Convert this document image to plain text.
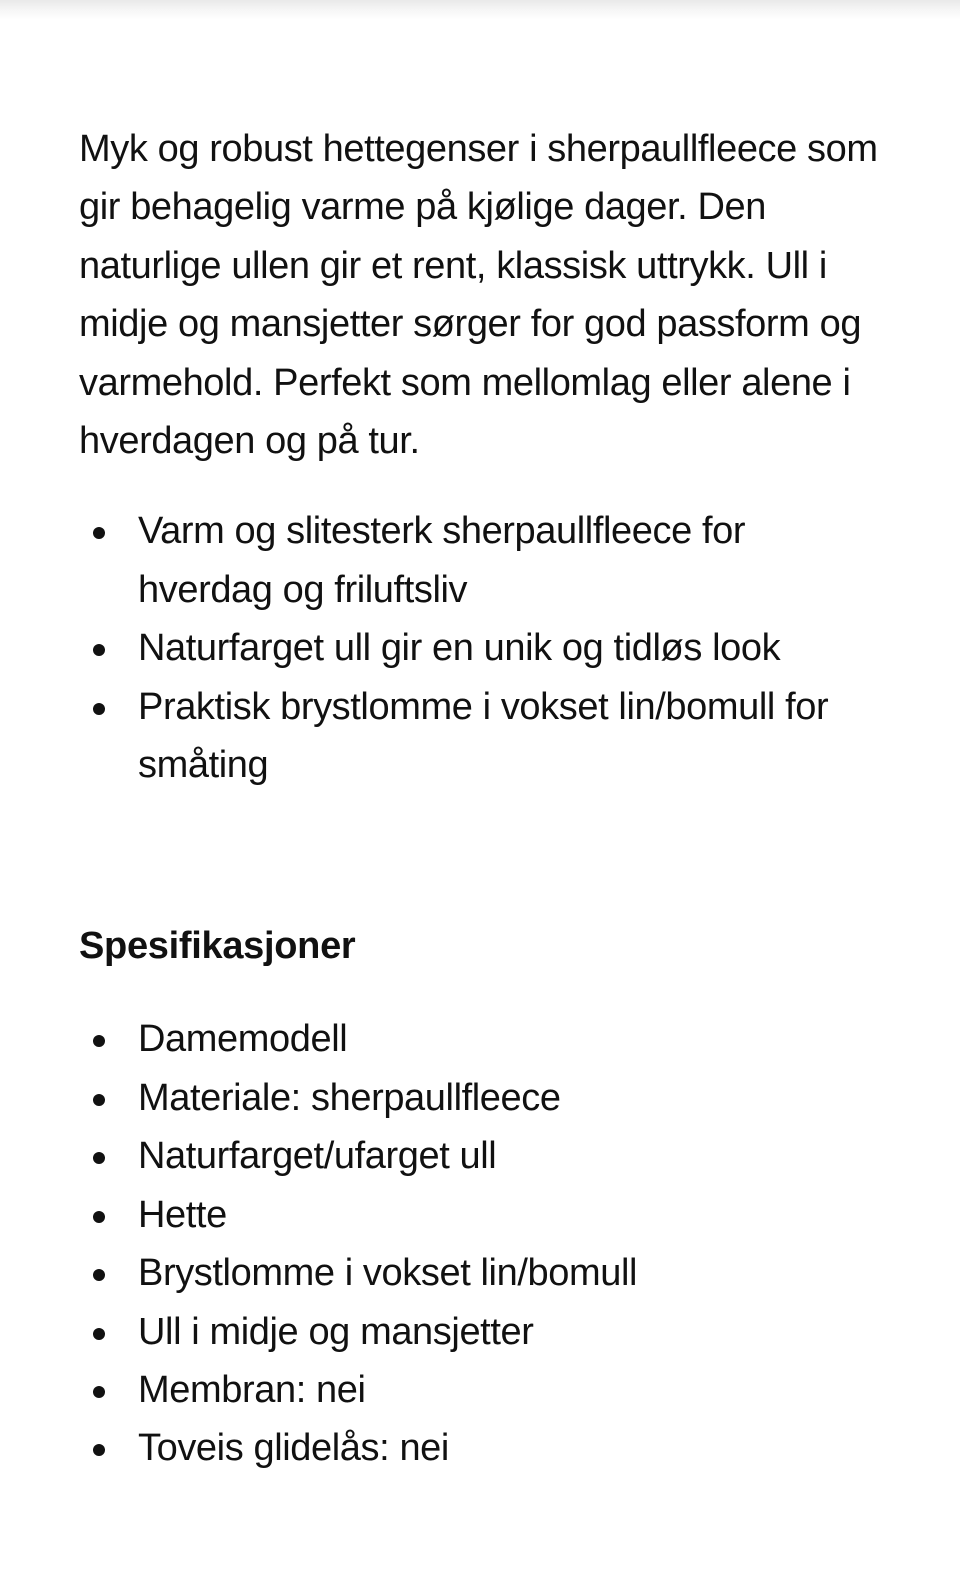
Myk og robust hettegenser i sherpaullfleece som gir behagelig varme på kjølige dager. Den naturlige ullen gir et rent, klassisk uttrykk. Ull i midje og mansjetter sørger for god passform og varmehold. Perfekt som mellomlag eller alene i hverdagen og på tur.

Varm og slitesterk sherpaullfleece for hverdag og friluftsliv
Naturfarget ull gir en unik og tidløs look
Praktisk brystlomme i vokset lin/bomull for småting
Spesifikasjoner
Damemodell
Materiale: sherpaullfleece
Naturfarget/ufarget ull
Hette
Brystlomme i vokset lin/bomull
Ull i midje og mansjetter
Membran: nei
Toveis glidelås: nei
